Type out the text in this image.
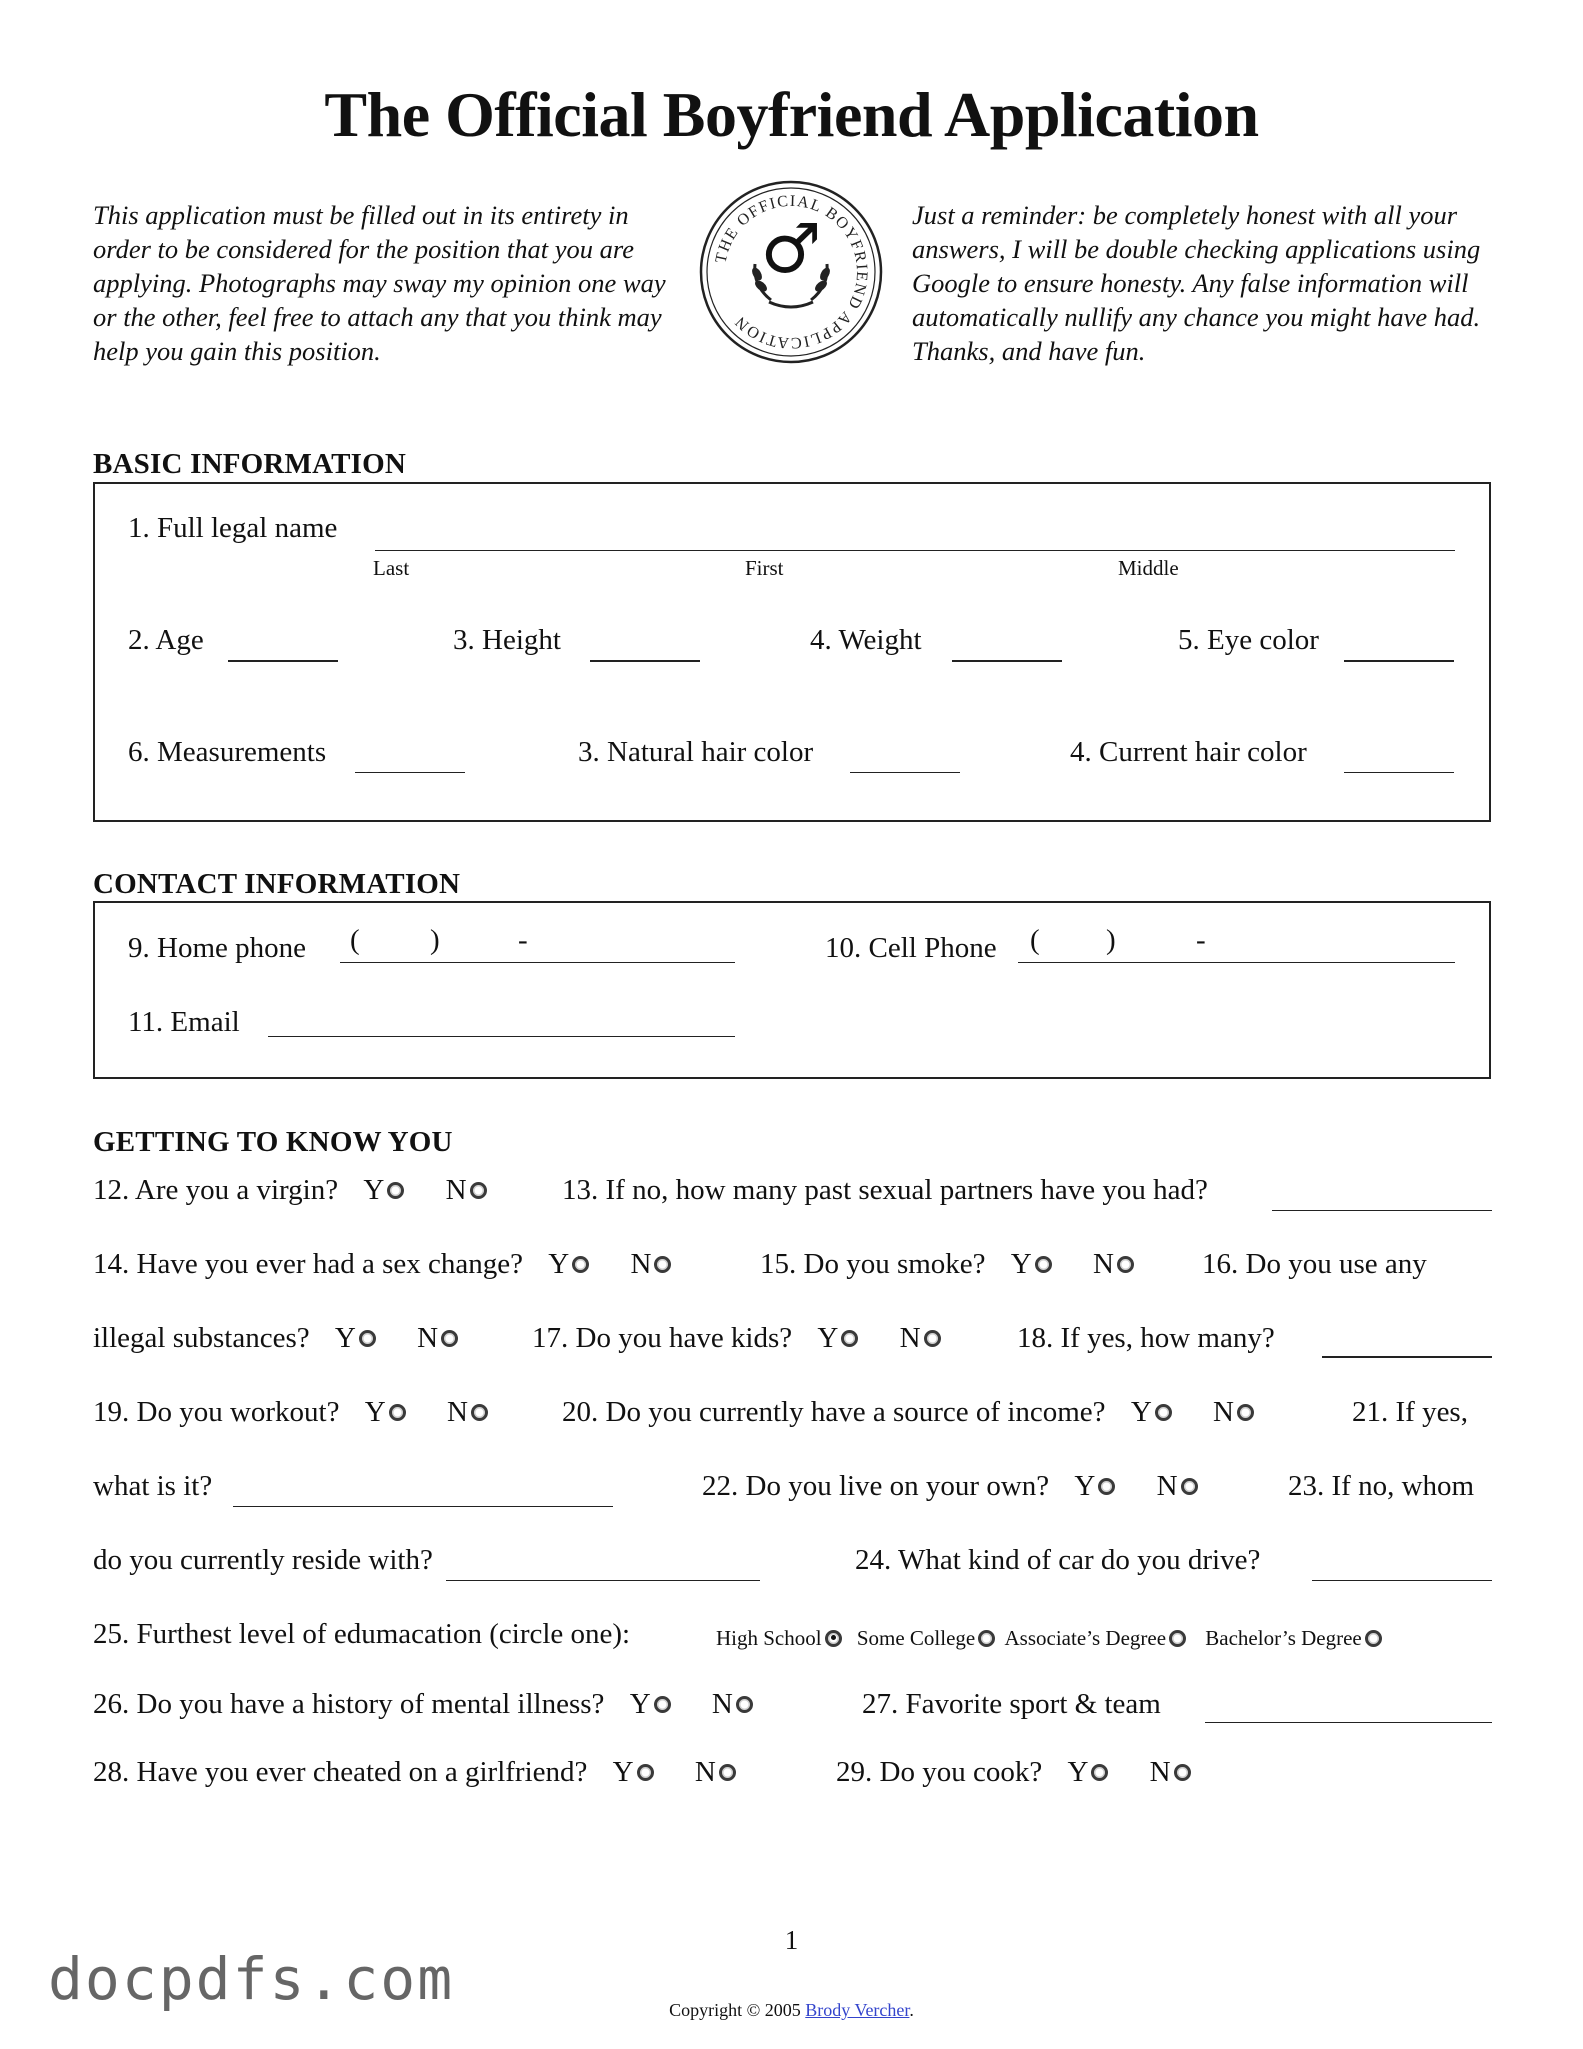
The Official Boyfriend Application
This application must be filled out in its entirety in order to be considered for the position that you are applying. Photographs may sway my opinion one way or the other, feel free to attach any that you think may help you gain this position.
Just a reminder: be completely honest with all your answers, I will be double checking applications using Google to ensure honesty. Any false information will automatically nullify any chance you might have had. Thanks, and have fun.
THE OFFICIAL BOYFRIEND APPLICATION
♂
BASIC INFORMATION
1. Full legal name
Last	First	Middle
2. Age	3. Height	4. Weight	5. Eye color
6. Measurements	3. Natural hair color	4. Current hair color
CONTACT INFORMATION
9. Home phone ( )	-	10. Cell Phone ( )	-
11. Email
GETTING TO KNOW YOU
12. Are you a virgin? Y N	13. If no, how many past sexual partners have you had?
14. Have you ever had a sex change? Y N	15. Do you smoke? Y N	16. Do you use any
illegal substances? Y N	17. Do you have kids? Y N	18. If yes, how many?
19. Do you workout? Y N	20. Do you currently have a source of income? Y N	21. If yes,
what is it?	22. Do you live on your own? Y N	23. If no, whom
do you currently reside with?	24. What kind of car do you drive?
25. Furthest level of edumacation (circle one):	High School Some College Associate’s Degree Bachelor’s Degree
26. Do you have a history of mental illness? Y N	27. Favorite sport & team
28. Have you ever cheated on a girlfriend? Y N	29. Do you cook? Y N
1
docpdfs.com	Copyright © 2005 Brody Vercher.
